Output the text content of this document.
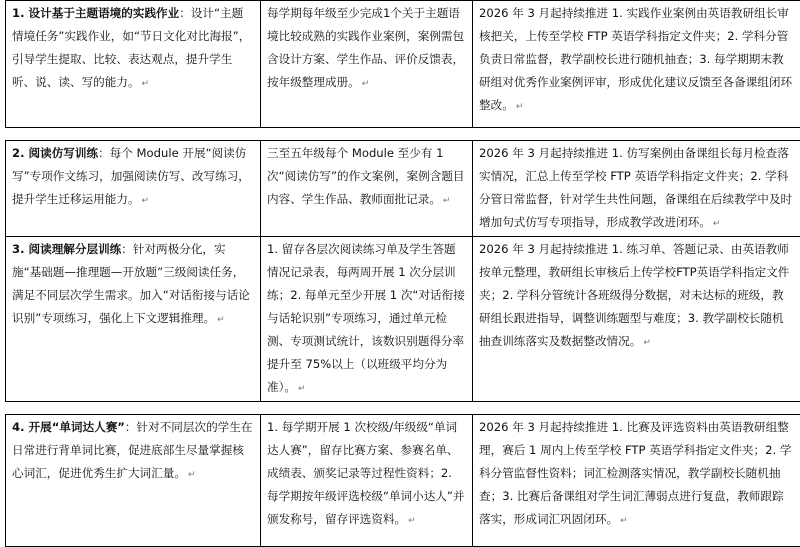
1. 设计基于主题语境的实践作业：设计“主题情境任务”实践作业，如“节日文化对比海报”，引导学生提取、比较、表达观点，提升学生听、说、读、写的能力。 ↵	每学期每年级至少完成1个关于主题语境比较成熟的实践作业案例，案例需包含设计方案、学生作品、评价反馈表，按年级整理成册。 ↵	2026 年 3 月起持续推进 1. 实践作业案例由英语教研组长审核把关，上传至学校 FTP 英语学科指定文件夹；2. 学科分管负责日常监督，教学副校长进行随机抽查；3. 每学期期末教研组对优秀作业案例评审，形成优化建议反馈至各备课组闭环整改。 ↵

2. 阅读仿写训练：每个 Module 开展“阅读仿写”专项作文练习，加强阅读仿写、改写练习，提升学生迁移运用能力。 ↵	三至五年级每个 Module 至少有 1 次“阅读仿写”的作文案例，案例含题目内容、学生作品、教师面批记录。 ↵	2026 年 3 月起持续推进 1. 仿写案例由备课组长每月检查落实情况，汇总上传至学校 FTP 英语学科指定文件夹；2. 学科分管日常监督，针对学生共性问题，备课组在后续教学中及时增加句式仿写专项指导，形成教学改进闭环。 ↵
3. 阅读理解分层训练：针对两极分化，实施“基础题—推理题—开放题”三级阅读任务，满足不同层次学生需求。加入“对话衔接与话论识别”专项练习，强化上下文逻辑推理。 ↵	1. 留存各层次阅读练习单及学生答题情况记录表，每两周开展 1 次分层训练；2. 每单元至少开展 1 次“对话衔接与话轮识别”专项练习，通过单元检测、专项测试统计，该数识别题得分率提升至 75%以上（以班级平均分为准）。 ↵	2026 年 3 月起持续推进 1. 练习单、答题记录、由英语教师按单元整理，教研组长审核后上传学校FTP英语学科指定文件夹；2. 学科分管统计各班级得分数据，对未达标的班级，教研组长跟进指导，调整训练题型与难度；3. 教学副校长随机抽查训练落实及数据整改情况。 ↵

4. 开展“单词达人赛”：针对不同层次的学生在日常进行背单词比赛，促进底部生尽量掌握核心词汇，促进优秀生扩大词汇量。 ↵	1. 每学期开展 1 次校级/年级级“单词达人赛”，留存比赛方案、参赛名单、成绩表、颁奖记录等过程性资料；2. 每学期按年级评选校级“单词小达人”并颁发称号，留存评选资料。 ↵	2026 年 3 月起持续推进 1. 比赛及评选资料由英语教研组整理，赛后 1 周内上传至学校 FTP 英语学科指定文件夹；2. 学科分管监督性资料；词汇检测落实情况，教学副校长随机抽查；3. 比赛后备课组对学生词汇薄弱点进行复盘，教师跟踪落实，形成词汇巩固闭环。 ↵
